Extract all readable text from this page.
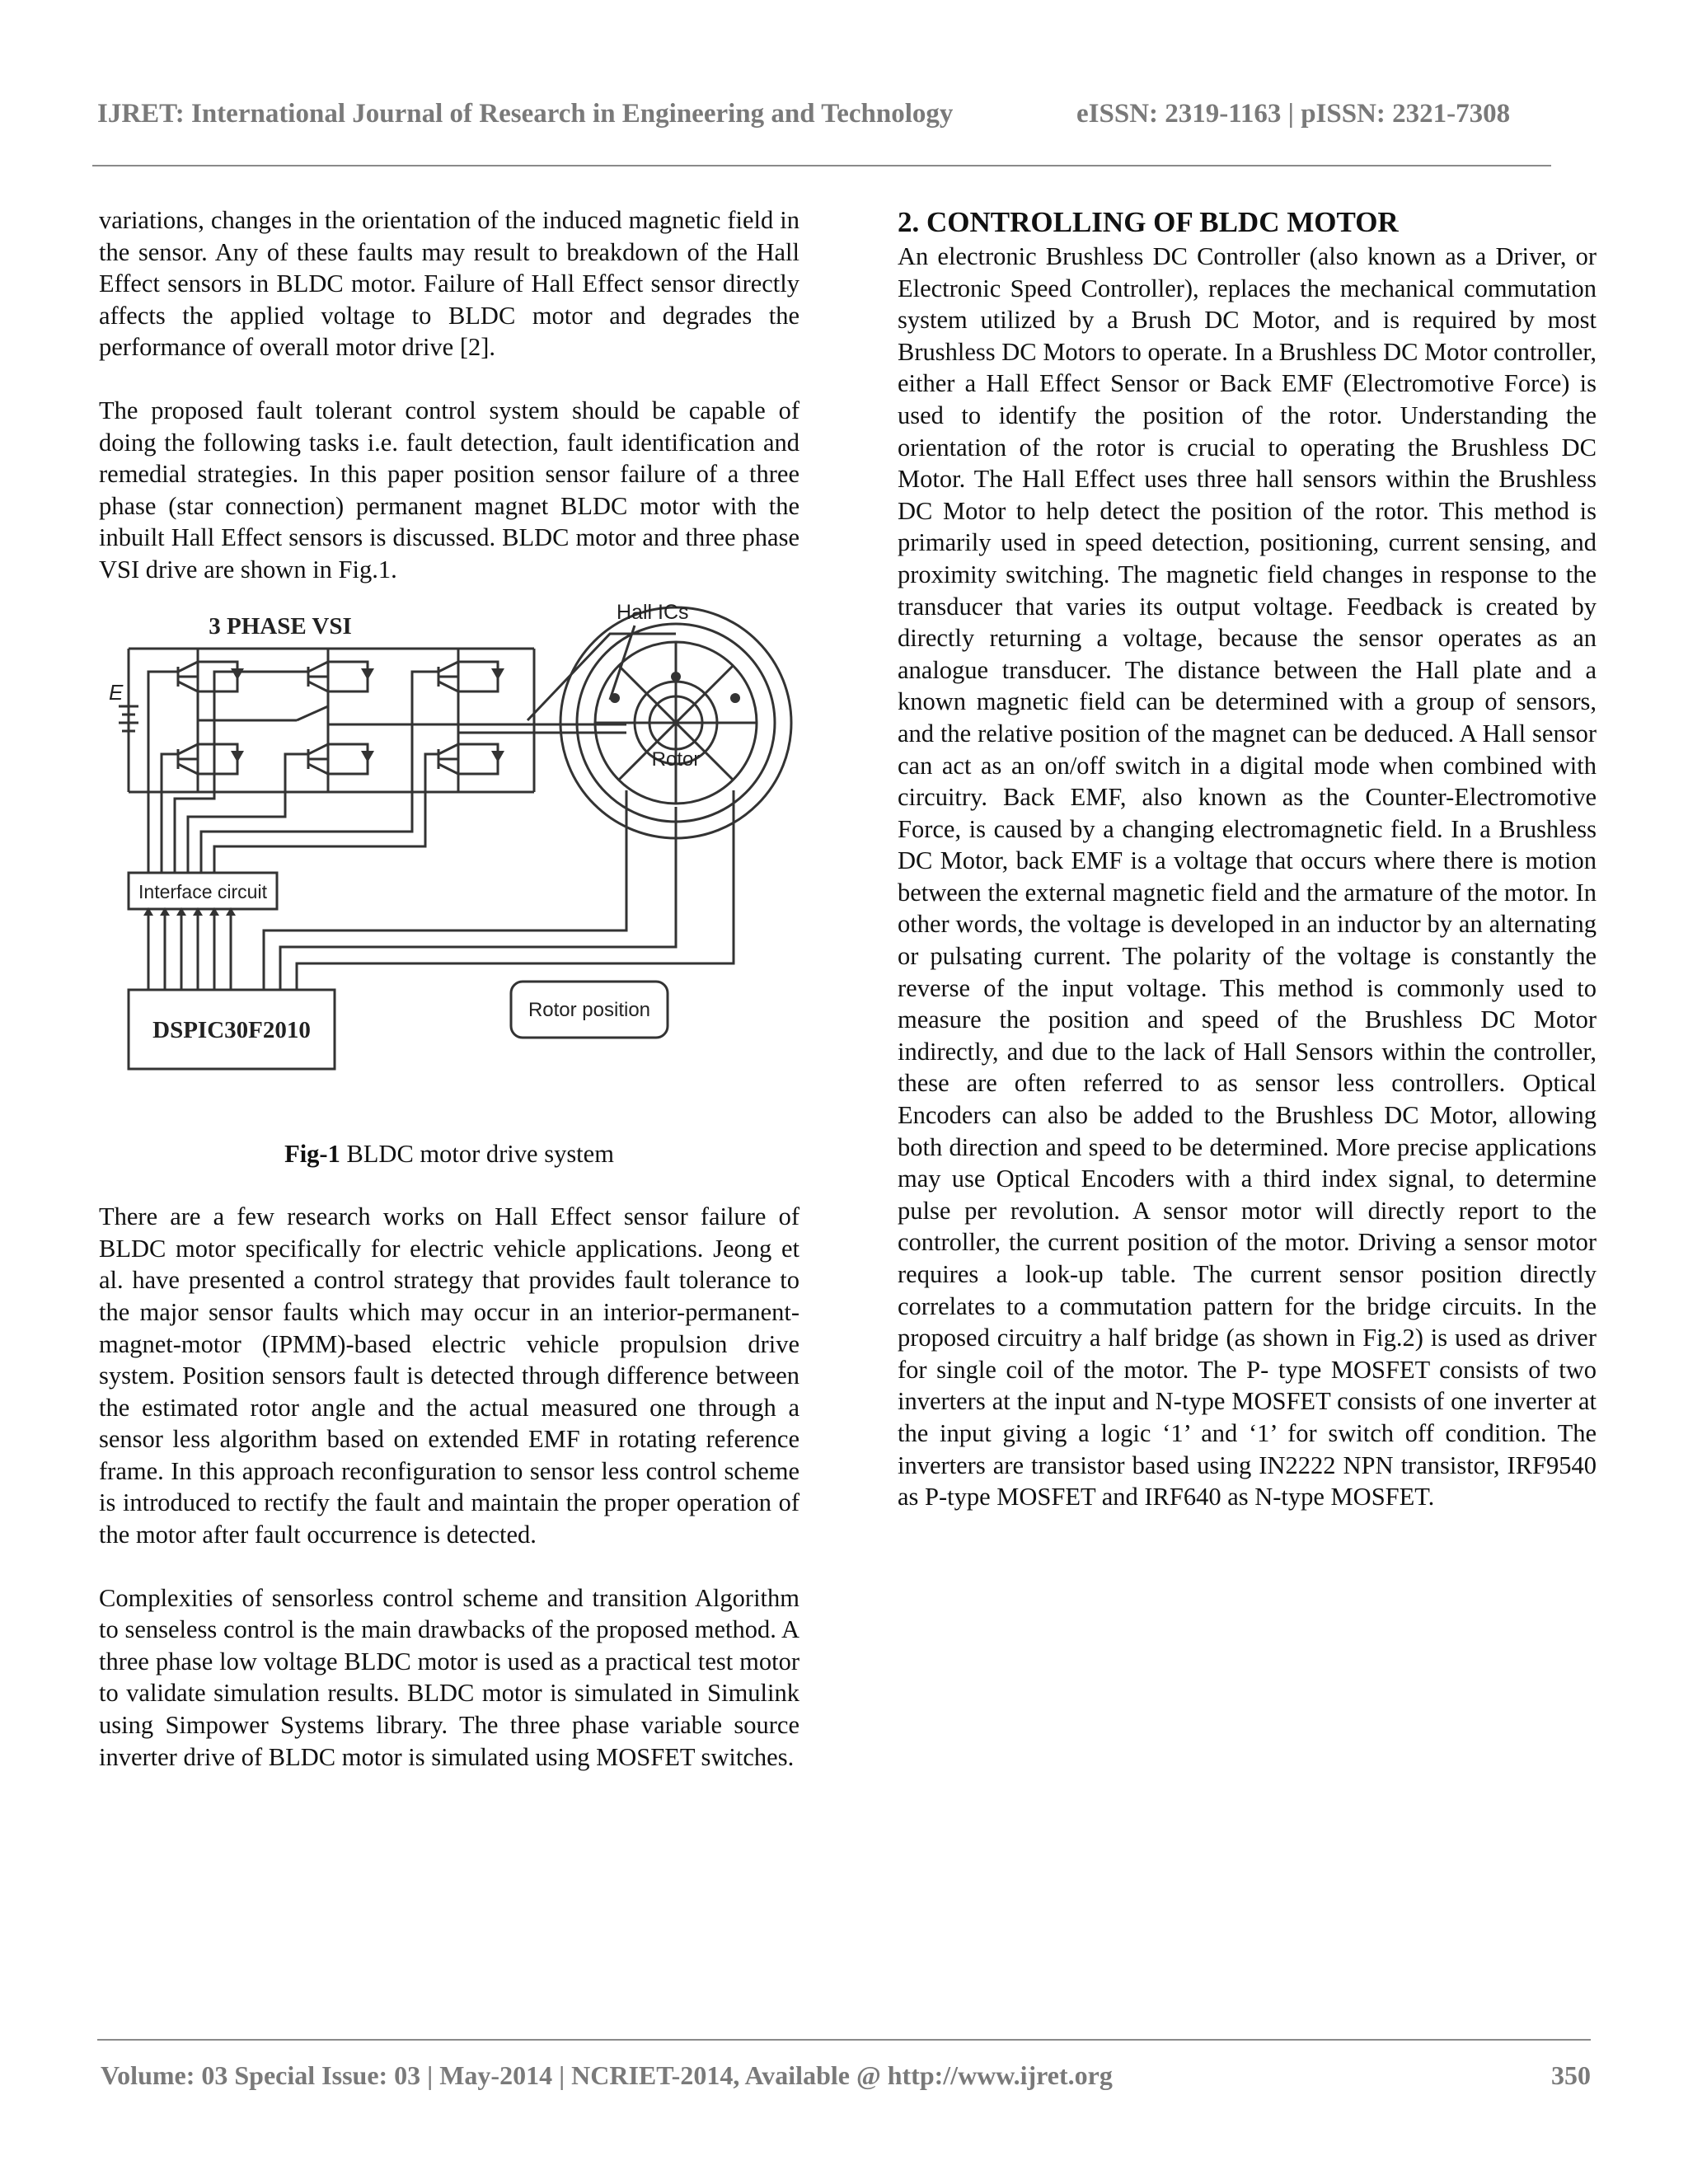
IJRET: International Journal of Research in Engineering and Technology	eISSN: 2319-1163 | pISSN: 2321-7308

variations, changes in the orientation of the induced magnetic field in the sensor. Any of these faults may result to breakdown of the Hall Effect sensors in BLDC motor. Failure of Hall Effect sensor directly affects the applied voltage to BLDC motor and degrades the performance of overall motor drive [2].

The proposed fault tolerant control system should be capable of doing the following tasks i.e. fault detection, fault identification and remedial strategies. In this paper position sensor failure of a three phase (star connection) permanent magnet BLDC motor with the inbuilt Hall Effect sensors is discussed. BLDC motor and three phase VSI drive are shown in Fig.1.

3 PHASE VSI
E
Hall ICs
Rotor
Interface circuit
DSPIC30F2010
Rotor position

Fig-1 BLDC motor drive system

There are a few research works on Hall Effect sensor failure of BLDC motor specifically for electric vehicle applications. Jeong et al. have presented a control strategy that provides fault tolerance to the major sensor faults which may occur in an interior-permanent-magnet-motor (IPMM)-based electric vehicle propulsion drive system. Position sensors fault is detected through difference between the estimated rotor angle and the actual measured one through a sensor less algorithm based on extended EMF in rotating reference frame. In this approach reconfiguration to sensor less control scheme is introduced to rectify the fault and maintain the proper operation of the motor after fault occurrence is detected.

Complexities of sensorless control scheme and transition Algorithm to senseless control is the main drawbacks of the proposed method. A three phase low voltage BLDC motor is used as a practical test motor to validate simulation results. BLDC motor is simulated in Simulink using Simpower Systems library. The three phase variable source inverter drive of BLDC motor is simulated using MOSFET switches.

2. CONTROLLING OF BLDC MOTOR

An electronic Brushless DC Controller (also known as a Driver, or Electronic Speed Controller), replaces the mechanical commutation system utilized by a Brush DC Motor, and is required by most Brushless DC Motors to operate. In a Brushless DC Motor controller, either a Hall Effect Sensor or Back EMF (Electromotive Force) is used to identify the position of the rotor. Understanding the orientation of the rotor is crucial to operating the Brushless DC Motor. The Hall Effect uses three hall sensors within the Brushless DC Motor to help detect the position of the rotor. This method is primarily used in speed detection, positioning, current sensing, and proximity switching. The magnetic field changes in response to the transducer that varies its output voltage. Feedback is created by directly returning a voltage, because the sensor operates as an analogue transducer. The distance between the Hall plate and a known magnetic field can be determined with a group of sensors, and the relative position of the magnet can be deduced. A Hall sensor can act as an on/off switch in a digital mode when combined with circuitry. Back EMF, also known as the Counter-Electromotive Force, is caused by a changing electromagnetic field. In a Brushless DC Motor, back EMF is a voltage that occurs where there is motion between the external magnetic field and the armature of the motor. In other words, the voltage is developed in an inductor by an alternating or pulsating current. The polarity of the voltage is constantly the reverse of the input voltage. This method is commonly used to measure the position and speed of the Brushless DC Motor indirectly, and due to the lack of Hall Sensors within the controller, these are often referred to as sensor less controllers. Optical Encoders can also be added to the Brushless DC Motor, allowing both direction and speed to be determined. More precise applications may use Optical Encoders with a third index signal, to determine pulse per revolution. A sensor motor will directly report to the controller, the current position of the motor. Driving a sensor motor requires a look-up table. The current sensor position directly correlates to a commutation pattern for the bridge circuits. In the proposed circuitry a half bridge (as shown in Fig.2) is used as driver for single coil of the motor. The P- type MOSFET consists of two inverters at the input and N-type MOSFET consists of one inverter at the input giving a logic ‘1’ and ‘1’ for switch off condition. The inverters are transistor based using IN2222 NPN transistor, IRF9540 as P-type MOSFET and IRF640 as N-type MOSFET.

Volume: 03 Special Issue: 03 | May-2014 | NCRIET-2014, Available @ http://www.ijret.org	350
